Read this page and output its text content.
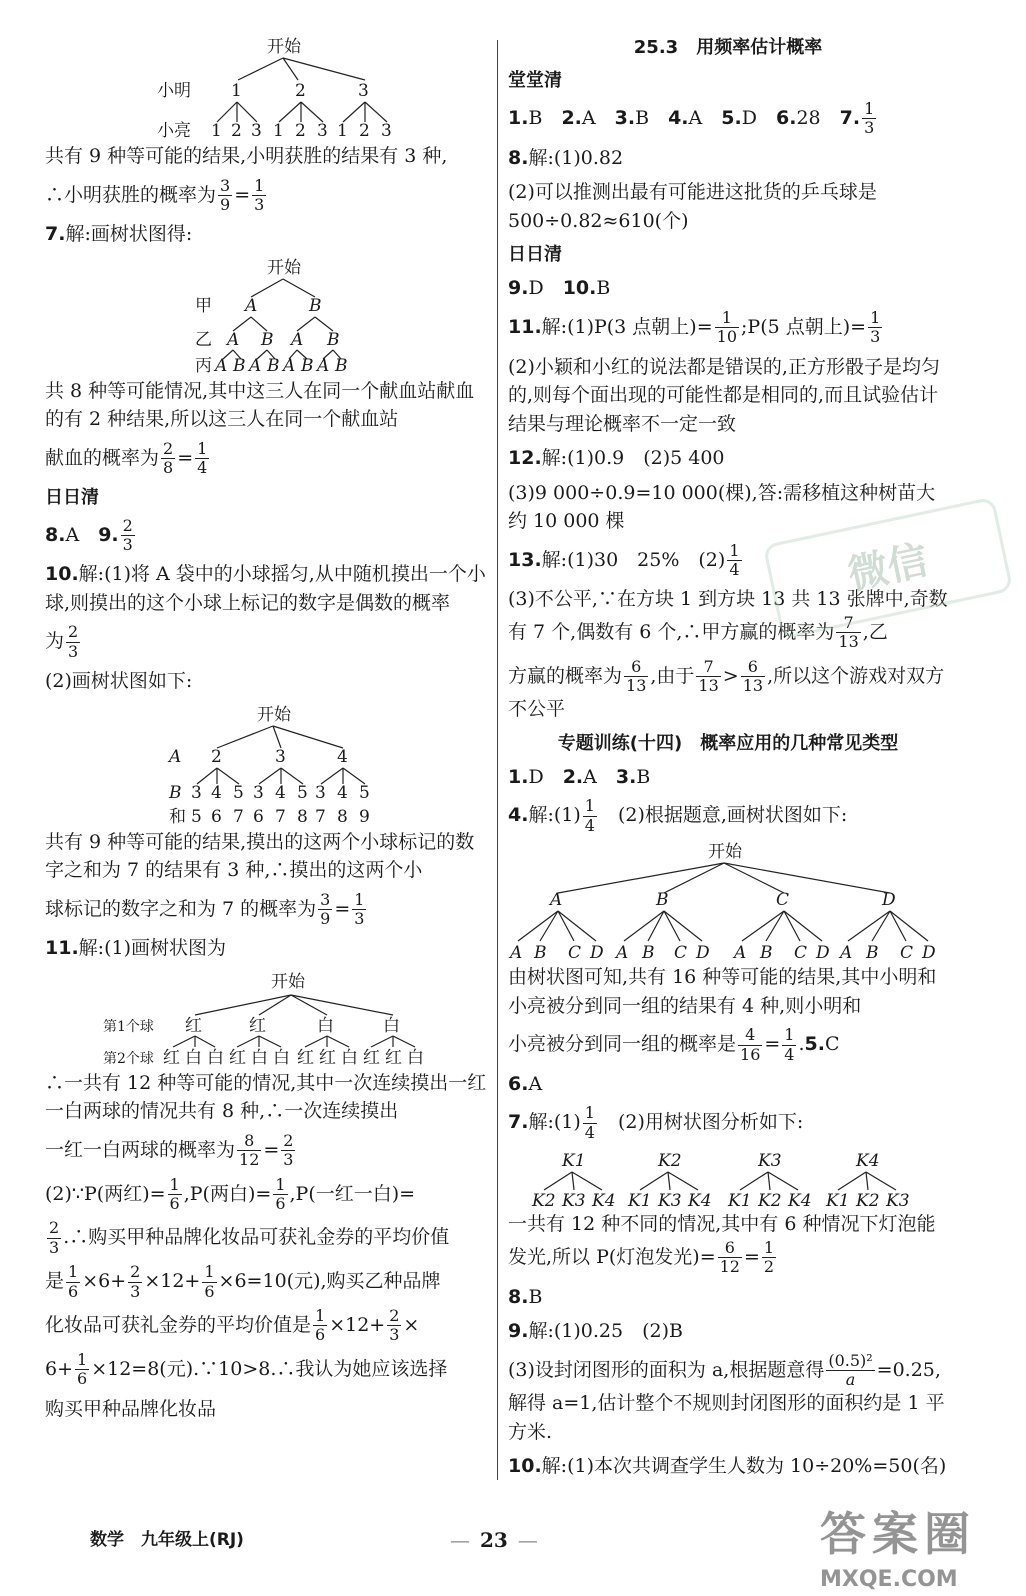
开始
小明
小亮
1	2	3
1 2 3 1 2 3 1 2 3

共有 9 种等可能的结果,小明获胜的结果有 3 种,

∴小明获胜的概率为 $\frac{3}{9} = \frac{1}{3}$

7.解:画树状图得:

开始
甲
乙
丙
A	B
A B A B
A B A B A B A B

共 8 种等可能情况,其中这三人在同一个献血站献血的有 2 种结果,所以这三人在同一个献血站

献血的概率为 $\frac{2}{8} = \frac{1}{4}$

日日清

8.A　 9. $\frac{2}{3}$

10.解:(1)将 A 袋中的小球摇匀,从中随机摸出一个小球,则摸出的这个小球上标记的数字是偶数的概率

为 $\frac{2}{3}$

(2)画树状图如下:

开始
A
B
和
2	3	4
3 4 5 3 4 5 3 4 5
5 6 7 6 7 8 7 8 9

共有 9 种等可能的结果,摸出的这两个小球标记的数字之和为 7 的结果有 3 种,∴摸出的这两个小

球标记的数字之和为 7 的概率为 $\frac{3}{9} = \frac{1}{3}$

11.解:(1)画树状图为

开始
第1个球
第2个球
红	红	白	白
红 白 白 红 白 白 红 红 白 红 红 白

∴一共有 12 种等可能的情况,其中一次连续摸出一红一白两球的情况共有 8 种,∴一次连续摸出

一红一白两球的概率为 $\frac{8}{12} = \frac{2}{3}$

(2)∵P(两红)= $\frac{1}{6} ,P$(两白)= $\frac{1}{6} ,P$(一红一白)=

$\frac{2}{3}$ .∴购买甲种品牌化妆品可获礼金券的平均价值

是 $\frac{1}{6} \times 6+ \frac{2}{3} \times 12+ \frac{1}{6} \times 6=10$(元),购买乙种品牌

化妆品可获礼金券的平均价值是 $\frac{1}{6} \times 12+ \frac{2}{3}$ ×

$6+ \frac{1}{6} \times 12=8$(元).∵10>8.∴我认为她应该选择

购买甲种品牌化妆品

25.3　用频率估计概率

堂堂清

1.B　 2.A　 3.B　 4.A　 5.D　 6.28　 7. $\frac{1}{3}$

8.解:(1)0.82

(2)可以推测出最有可能进这批货的乒乓球是 500÷0.82≈610(个)

日日清

9.D　 10.B

11.解:(1)P(3 点朝上)= $\frac{1}{10}$ ;P(5 点朝上)= $\frac{1}{3}$

(2)小颖和小红的说法都是错误的,正方形骰子是均匀的,则每个面出现的可能性都是相同的,而且试验估计结果与理论概率不一定一致

12.解:(1)0.9　(2)5 400

(3)9 000÷0.9=10 000(棵),答:需移植这种树苗大约 10 000 棵

13.解:(1)30　25%　$(2) \frac{1}{4}$

(3)不公平,∵在方块 1 到方块 13 共 13 张牌中,奇数有 7 个,偶数有 6 个,∴甲方赢的概率为 $\frac{7}{13}$ ,乙

方赢的概率为 $\frac{6}{13}$ ,由于 $\frac{7}{13} > \frac{6}{13}$ ,所以这个游戏对双方不公平

专题训练(十四)　概率应用的几种常见类型

1.D　 2.A　 3.B

4.解:(1) $\frac{1}{4}$ 　(2)根据题意,画树状图如下:

开始
A	B	C	D
A B C D A B C D A B C D A B C D

由树状图可知,共有 16 种等可能的结果,其中小明和小亮被分到同一组的结果有 4 种,则小明和

小亮被分到同一组的概率是 $\frac{4}{16} = \frac{1}{4} .5.C$

6.A

7.解:(1) $\frac{1}{4}$ 　(2)用树状图分析如下:

K1	K2	K3	K4
K2 K3 K4 K1 K3 K4 K1 K2 K4 K1 K2 K3

一共有 12 种不同的情况,其中有 6 种情况下灯泡能发光,所以 P(灯泡发光)= $\frac{6}{12} = \frac{1}{2}$

8.B

9.解:(1)0.25　(2)B

(3)设封闭图形的面积为 a,根据题意得 $\frac{\text{(0.5)²}}{a} =0.25$,解得 a=1,估计整个不规则封闭图形的面积约是 1 平方米.

10.解:(1)本次共调查学生人数为 10÷20%=50(名)

微信
数学　九年级上(RJ)	— 23 —	答案圈
MXQE.COM
